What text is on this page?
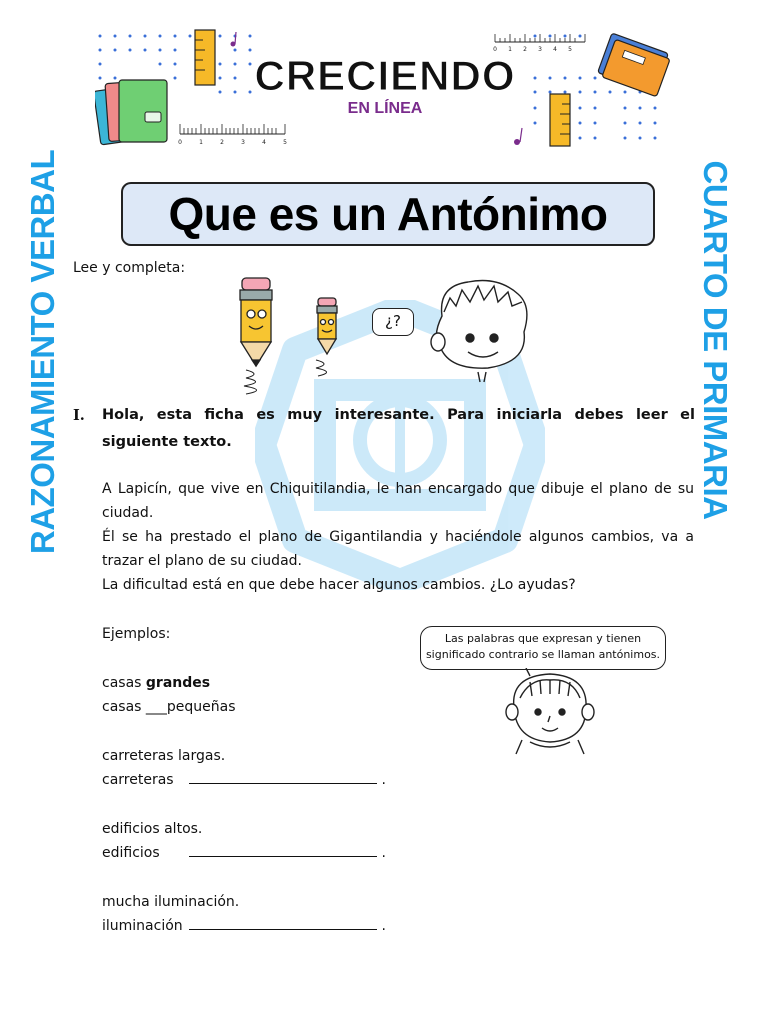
0	1	2	3	4	5
0 1 2 3 4 5
CRECIENDO
EN LÍNEA
RAZONAMIENTO VERBAL	CUARTO DE PRIMARIA
Que es un Antónimo
Lee y completa:
¿?
I.	Hola, esta ficha es muy interesante. Para iniciarla debes leer el siguiente texto.

A Lapicín, que vive en Chiquitilandia, le han encargado que dibuje el plano de su ciudad.

Él se ha prestado el plano de Gigantilandia y haciéndole algunos cambios, va a trazar el plano de su ciudad.

La dificultad está en que debe hacer algunos cambios. ¿Lo ayudas?

Ejemplos:	Las palabras que expresan y tienen
significado contrario se llaman antónimos.
casas grandes
casas ___pequeñas
carreteras largas.
carreteras	.
edificios altos.
edificios	.
mucha iluminación.
iluminación	.
